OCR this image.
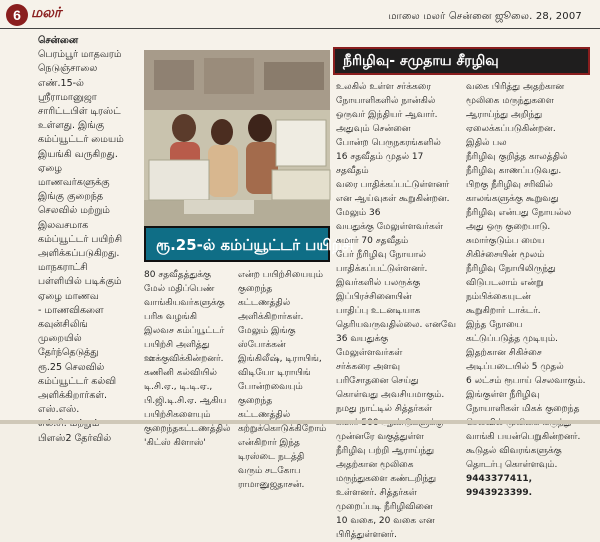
6 மலர்	மாலை மலர் சென்னை ஜூலை. 28, 2007

சென்னை

பெரம்பூர் மாதவரம்

நெடுஞ்சாலை

எண்.15-ல்

ஸ்ரீராமானுஜா

சாரிட்டபிள் டிரஸ்ட்

உள்ளது. இங்கு

கம்ப்யூட்டர் மையம்

இயங்கி வருகிறது.

ஏழை

மாணவர்களுக்கு

இங்கு குறைந்த

செலவில் மற்றும்

இலவசமாக

கம்ப்யூட்டர் பயிற்சி

அளிக்கப்படுகிறது.

மாநகராட்சி

பள்ளியில் படிக்கும்

ஏழை மாணவ

- மாணவிகளை

கவுன்சிலிங்

முறையில்

தேர்ந்தெடுத்து

ரூ.25 செலவில்

கம்ப்யூட்டர் கல்வி

அளிக்கிறார்கள்.

எஸ்.எஸ்.

பிளஸ்2 தேர்வில்

ரூ.25-ல் கம்ப்யூட்டர் பயிற்சி
நீரிழிவு- சமுதாய சீரழிவு

80 சதவீதத்துக்கு

மேல் மதிப்பெண்

வாங்கியவர்களுக்கு

பரிசு வழங்கி

இலவச கம்ப்யூட்டர்

பயிற்சி அளித்து

ஊக்குவிக்கின்றனர்.

கணினி கல்வியில்

டி.சி.ஏ., டி.டி.ஏ.,

பி.ஜி.டி.சி.ஏ. ஆகிய

பயிற்சிகளையும்

குறைந்தகட்டணத்தில்

'கிட்ஸ் கிளாஸ்'

என்ற பயிற்சியையும்

குறைந்த கட்டணத்தில்

அளிக்கிறார்கள்.

மேலும் இங்கு

ஸ்போக்கன்

இங்கிலீஷ், டிராயிங்,

விடியோ டிராயிங்

போன்றவையும்

குறைந்த கட்டணத்தில்

கற்றுக்கொடுக்கிறோம்

என்கிறார் இந்த

டிரஸ்டை நடத்தி

வரும் சடகோப

ராமானுஜதாசன்.

உலகில் உள்ள சர்க்கரை

நோயாளிகளில் நான்கில்

ஒருவர் இந்தியர் ஆவார்.

அதுவும் சென்னை

போன்ற பெருநகரங்களில்

16 சதவீதம் முதல் 17 சதவீதம்

வரை பாதிக்கப்பட்டுள்ளனர்

என ஆய்வுகள் கூறுகின்றன.

மேலும் 36

வயதுக்கு மேலுள்ளவர்கள்

சுமார் 70 சதவீதம்

பேர் நீரிழிவு நோயால்

பாதிக்கப்பட்டுள்ளனர்.

இவர்களில் பலருக்கு

இப்பிரச்சினையின்

பாதிப்பு உடனடியாக

தெரியவருவதில்லை. எனவே

36 வயதுக்கு மேலுள்ளவர்கள்

சர்க்கரை அளவு

பரிசோதனை செய்து

கொள்வது அவசியமாகும்.

நமது நாட்டில் சித்தர்கள்

முன்னரே வகுத்துள்ள

நீரிழிவு பற்றி ஆராய்ந்து

அதற்கான மூலிகை

மருந்துகளை கண்டறிந்து

உள்ளனர். சித்தர்கள்

முறைப்படி நீரிழிவினை

10 வகை, 20 வகை என

பிரித்துள்ளனர்.

வகை பிரித்து அதற்கான

மூலிகை மருந்துகளை

ஆராய்ந்து அறிந்து

ஏலைக்கப்படுகின்றன.

இதில் பல

நீரிழிவு குறித்த காலத்தில்

நீரிழிவு காணப்படுவது.

பிறகு நீரிழிவு சரிவில்

காலங்களுக்கு கூறுவது

நீரிழிவு என்பது நோயல்ல

அது ஒரு குறைபாடு.

சுமார்குடும்ப மைய

சிகிச்சையின் மூலம்

நீரிழிவு நோயிலிருந்து

விடுபடலாம் என்று

நம்பிக்கையுடன்

கூறுகிறார் டாக்டர்.

இந்த நோயை

கட்டுப்படுத்த முடியும்.

இதற்கான சிகிச்சை

அடிப்படையில் 5 முதல்

6 லட்சம் ரூபாய் செலவாகும்.

இங்குள்ள நீரிழிவு

நோயாளிகள் மிகக் குறைந்த

வாங்கி பயன்பெறுகின்றனர்.

கூடுதல் விவரங்களுக்கு

தொடர்பு கொள்ளவும்.

9443377411, 9943923399.
